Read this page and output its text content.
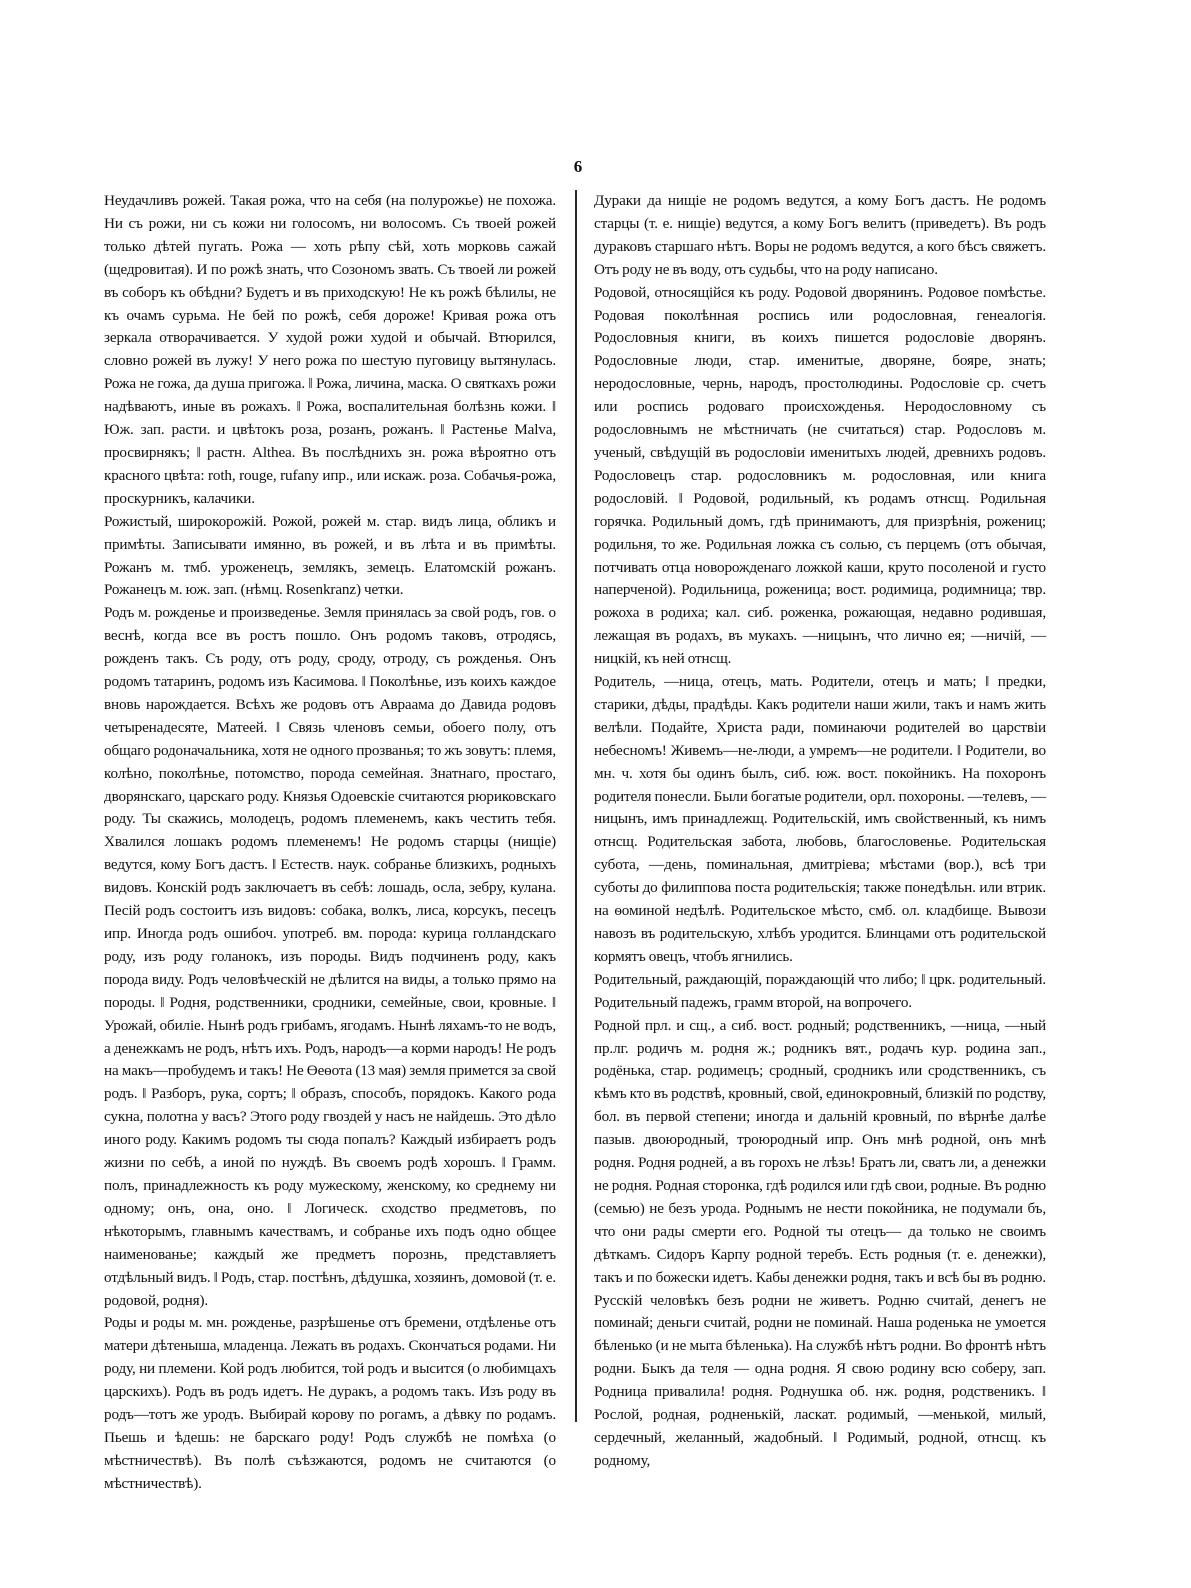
6

Неудачливъ рожей. Такая рожа, что на себя (на полурожье) не похожа. Ни съ рожи, ни съ кожи ни голосомъ, ни волосомъ. Съ твоей рожей только дѣтей пугать. Рожа — хоть рѣпу сѣй, хоть морковь сажай (щедровитая). И по рожѣ знать, что Созономъ звать. Съ твоей ли рожей въ соборъ къ обѣдни? Будетъ и въ приходскую! Не къ рожѣ бѣлилы, не къ очамъ сурьма. Не бей по рожѣ, себя дороже! Кривая рожа отъ зеркала отворачивается. У худой рожи худой и обычай. Втюрился, словно рожей въ лужу! У него рожа по шестую пуговицу вытянулась. Рожа не гожа, да душа пригожа. ‖ Рожа, личина, маска. О святкахъ рожи надѣваютъ, иные въ рожахъ. ‖ Рожа, воспалительная болѣзнь кожи. ‖ Юж. зап. расти. и цвѣтокъ роза, розанъ, рожанъ. ‖ Растенье Malva, просвирнякъ; ‖ растн. Althea. Въ послѣднихъ зн. рожа вѣроятно отъ красного цвѣта: roth, rouge, rufany ипр., или искаж. роза. Собачья-рожа, проскурникъ, калачики.

Рожистый, широкорожій. Рожой, рожей м. стар. видъ лица, обликъ и примѣты. Записывати имянно, въ рожей, и въ лѣта и въ примѣты. Рожанъ м. тмб. уроженецъ, землякъ, земецъ. Елатомскій рожанъ. Рожанецъ м. юж. зап. (нѣмц. Rosenkranz) четки.

Родъ м. рожденье и произведенье. Земля принялась за свой родъ, гов. о веснѣ, когда все въ ростъ пошло. Онъ родомъ таковъ, отродясь, рожденъ такъ. Съ роду, отъ роду, сроду, отроду, съ рожденья. Онъ родомъ татаринъ, родомъ изъ Касимова. ‖ Поколѣнье, изъ коихъ каждое вновь нарождается. Всѣхъ же родовъ отъ Авраама до Давида родовъ четыренадесяте, Матеей. ‖ Связь членовъ семьи, обоего полу, отъ общаго родоначальника, хотя не одного прозванья; то жъ зовутъ: племя, колѣно, поколѣнье, потомство, порода семейная. Знатнаго, простаго, дворянскаго, царскаго роду. Князья Одоевскіе считаются рюриковскаго роду. Ты скажись, молодецъ, родомъ племенемъ, какъ честить тебя. Хвалился лошакъ родомъ племенемъ! Не родомъ старцы (нищіе) ведутся, кому Богъ дастъ. ‖ Естеств. наук. собранье близкихъ, родныхъ видовъ. Конскій родъ заключаетъ въ себѣ: лошадь, осла, зебру, кулана. Песій родъ состоитъ изъ видовъ: собака, волкъ, лиса, корсукъ, песецъ ипр. Иногда родъ ошибоч. употреб. вм. порода: курица голландскаго роду, изъ роду голанокъ, изъ породы. Видъ подчиненъ роду, какъ порода виду. Родъ человѣческій не дѣлится на виды, а только прямо на породы. ‖ Родня, родственники, сродники, семейные, свои, кровные. ‖ Урожай, обиліе. Нынѣ родъ грибамъ, ягодамъ. Нынѣ ляхамъ-то не водъ, а денежкамъ не родъ, нѣтъ ихъ. Родъ, народъ—а корми народъ! Не родъ на макъ—пробудемъ и такъ! Не Өеөота (13 мая) земля примется за свой родъ. ‖ Разборъ, рука, сортъ; ‖ образъ, способъ, порядокъ. Какого рода сукна, полотна у васъ? Этого роду гвоздей у насъ не найдешь. Это дѣло иного роду. Какимъ родомъ ты сюда попалъ? Каждый избираетъ родъ жизни по себѣ, а иной по нуждѣ. Въ своемъ родѣ хорошъ. ‖ Грамм. полъ, принадлежность къ роду мужескому, женскому, ко среднему ни одному; онъ, она, оно. ‖ Логическ. сходство предметовъ, по нѣкоторымъ, главнымъ качествамъ, и собранье ихъ подъ одно общее наименованье; каждый же предметъ порознь, представляетъ отдѣльный видъ. ‖ Родъ, стар. постѣнъ, дѣдушка, хозяинъ, домовой (т. е. родовой, родня).

Роды и роды м. мн. рожденье, разрѣшенье отъ бремени, отдѣленье отъ матери дѣтеныша, младенца. Лежать въ родахъ. Скончаться родами. Ни роду, ни племени. Кой родъ любится, той родъ и высится (о любимцахъ царскихъ). Родъ въ родъ идетъ. Не дуракъ, а родомъ такъ. Изъ роду въ родъ—тотъ же уродъ. Выбирай корову по рогамъ, а дѣвку по родамъ. Пьешь и ѣдешь: не барскаго роду! Родъ службѣ не помѣха (о мѣстничествѣ). Въ полѣ съѣзжаются, родомъ не считаются (о мѣстничествѣ).

Дураки да нищіе не родомъ ведутся, а кому Богъ дастъ. Не родомъ старцы (т. е. нищіе) ведутся, а кому Богъ велитъ (приведетъ). Въ родъ дураковъ старшаго нѣтъ. Воры не родомъ ведутся, а кого бѣсъ свяжетъ. Отъ роду не въ воду, отъ судьбы, что на роду написано.

Родовой, относящійся къ роду. Родовой дворянинъ. Родовое помѣстье. Родовая поколѣнная роспись или родословная, генеалогія. Родословныя книги, въ коихъ пишется родословіе дворянъ. Родословные люди, стар. именитые, дворяне, бояре, знать; неродословные, чернь, народъ, простолюдины. Родословіе ср. счетъ или роспись родоваго происхожденья. Неродословному съ родословнымъ не мѣстничать (не считаться) стар. Родословъ м. ученый, свѣдущій въ родословіи именитыхъ людей, древнихъ родовъ. Родословецъ стар. родословникъ м. родословная, или книга родословій. ‖ Родовой, родильный, къ родамъ отнсщ. Родильная горячка. Родильный домъ, гдѣ принимаютъ, для призрѣнія, рожениц; родильня, то же. Родильная ложка съ солью, съ перцемъ (отъ обычая, потчивать отца новорожденаго ложкой каши, круто посоленой и густо наперченой). Родильница, роженица; вост. родимица, родимница; твр. рожоха в родиха; кал. сиб. роженка, рожающая, недавно родившая, лежащая въ родахъ, въ мукахъ. —ницынъ, что лично ея; —ничій, —ницкій, къ ней отнсщ.

Родитель, —ница, отецъ, мать. Родители, отецъ и мать; ‖ предки, старики, дѣды, прадѣды. Какъ родители наши жили, такъ и намъ жить велѣли. Подайте, Христа ради, поминаючи родителей во царствіи небесномъ! Живемъ—не-люди, а умремъ—не родители. ‖ Родители, во мн. ч. хотя бы одинъ былъ, сиб. юж. вост. покойникъ. На похоронъ родителя понесли. Были богатые родители, орл. похороны. —телевъ, —ницынъ, имъ принадлежщ. Родительскій, имъ свойственный, къ нимъ отнсщ. Родительская забота, любовь, благословенье. Родительская субота, —день, поминальная, дмитріева; мѣстами (вор.), всѣ три суботы до филиппова поста родительскія; также понедѣльн. или втрик. на ѳоминой недѣлѣ. Родительское мѣсто, смб. ол. кладбище. Вывози навозъ въ родительскую, хлѣбъ уродится. Блинцами отъ родительской кормятъ овецъ, чтобъ ягнились.

Родительный, раждающій, пораждающій что либо; ‖ црк. родительный. Родительный падежъ, грамм второй, на вопрочего.

Родной прл. и сщ., а сиб. вост. родный; родственникъ, —ница, —ный пр.лг. родичъ м. родня ж.; родникъ вят., родачъ кур. родина зап., родёнька, стар. родимецъ; сродный, сродникъ или сродственникъ, съ кѣмъ кто въ родствѣ, кровный, свой, единокровный, близкій по родству, бол. въ первой степени; иногда и дальній кровный, по вѣрнѣе далѣе пазыв. двоюродный, троюродный ипр. Онъ мнѣ родной, онъ мнѣ родня. Родня родней, а въ горохъ не лѣзь! Братъ ли, сватъ ли, а денежки не родня. Родная сторонка, гдѣ родился или гдѣ свои, родные. Въ родню (семью) не безъ урода. Роднымъ не нести покойника, не подумали бъ, что они рады смерти его. Родной ты отецъ— да только не своимъ дѣткамъ. Сидоръ Карпу родной теребъ. Есть родныя (т. е. денежки), такъ и по божески идетъ. Кабы денежки родня, такъ и всѣ бы въ родню. Русскій человѣкъ безъ родни не живетъ. Родню считай, денегъ не поминай; деньги считай, родни не поминай. Наша роденька не умоется бѣленько (и не мыта бѣленька). На службѣ нѣтъ родни. Во фронтѣ нѣтъ родни. Быкъ да теля — одна родня. Я свою родину всю соберу, зап. Родница привалила! родня. Роднушка об. нж. родня, родственикъ. ‖ Рослой, родная, родненькій, ласкат. родимый, —менькой, милый, сердечный, желанный, жадобный. ‖ Родимый, родной, отнсщ. къ родному,
